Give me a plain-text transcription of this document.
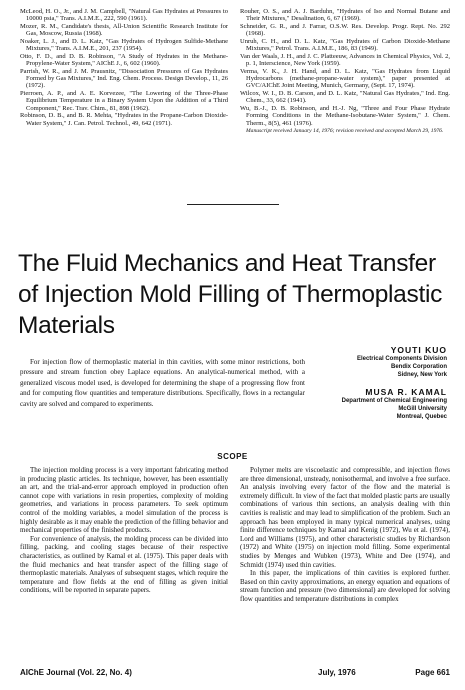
McLeod, H. O., Jr., and J. M. Campbell, "Natural Gas Hydrates at Pressures to 10000 psia," Trans. A.I.M.E., 222, 590 (1961).

Mozer, R. M., Candidate's thesis, All-Union Scientific Research Institute for Gas, Moscow, Russia (1968).

Noaker, L. J., and D. L. Katz, "Gas Hydrates of Hydrogen Sulfide-Methane Mixtures," Trans. A.I.M.E., 201, 237 (1954).

Otto, F. D., and D. B. Robinson, "A Study of Hydrates in the Methane-Propylene-Water System," AIChE J., 6, 602 (1960).

Parrish, W. R., and J. M. Prausnitz, "Dissociation Pressures of Gas Hydrates Formed by Gas Mixtures," Ind. Eng. Chem. Process. Design Develop., 11, 26 (1972).

Pierroen, A. P., and A. E. Korvezee, "The Lowering of the Three-Phase Equilibrium Temperature in a Binary System Upon the Addition of a Third Component," Rec. Trav. Chim., 81, 898 (1962).

Robinson, D. B., and B. R. Mehta, "Hydrates in the Propane-Carbon Dioxide-Water System," J. Can. Petrol. Technol., 49, 642 (1971).

Rouher, O. S., and A. J. Barduhn, "Hydrates of Iso and Normal Butane and Their Mixtures," Desalination, 6, 67 (1969).

Schneider, G. R., and J. Farrar, O.S.W. Res. Develop. Progr. Rept. No. 292 (1968).

Unruh, C. H., and D. L. Katz, "Gas Hydrates of Carbon Dioxide-Methane Mixtures," Petrol. Trans. A.I.M.E., 186, 83 (1949).

Van der Waals, J. H., and J. C. Platteeuw, Advances in Chemical Physics, Vol. 2, p. 1, Interscience, New York (1959).

Verma, V. K., J. H. Hand, and D. L. Katz, "Gas Hydrates from Liquid Hydrocarbons (methane-propane-water system)," paper presented at GVC/AIChE Joint Meeting, Munich, Germany, (Sept. 17, 1974).

Wilcox, W. I., D. B. Carson, and D. L. Katz, "Natural Gas Hydrates," Ind. Eng. Chem., 33, 662 (1941).

Wu, B.-J., D. B. Robinson, and H.-J. Ng, "Three and Four Phase Hydrate Forming Conditions in the Methane-Isobutane-Water System," J. Chem. Therm., 8(5), 461 (1976).

Manuscript received January 14, 1976; revision received and accepted March 29, 1976.

The Fluid Mechanics and Heat Transfer of Injection Mold Filling of Thermoplastic Materials

For injection flow of thermoplastic material in thin cavities, with some minor restrictions, both pressure and stream function obey Laplace equations. An analytical-numerical method, with a generalized viscous model used, is developed for determining the shape of a progressing flow front and for computing flow quantities and temperature distributions. Specifically, flows in a rectangular cavity are solved and compared to experiments.

YOUTI KUO
Electrical Components Division
Bendix Corporation
Sidney, New York
MUSA R. KAMAL
Department of Chemical Engineering
McGill University
Montreal, Quebec
SCOPE

The injection molding process is a very important fabricating method in producing plastic articles. Its technique, however, has been essentially an art, and the trial-and-error approach employed in production often cannot cope with variations in resin properties, complexity of molding geometries, and variations in process parameters. To seek optimum control of the molding variables, a model simulation of the process is highly desirable as it may enable the prediction of the filling behavior and mechanical properties of the finished products.

For convenience of analysis, the molding process can be divided into filling, packing, and cooling stages because of their respective characteristics, as outlined by Kamal et al. (1975). This paper deals with the fluid mechanics and heat transfer aspect of the filling stage of thermoplastic materials. Analyses of subsequent stages, which require the temperature and flow fields at the end of filling as given initial conditions, will be reported in separate papers.

Polymer melts are viscoelastic and compressible, and injection flows are three dimensional, unsteady, nonisothermal, and involve a free surface. An analysis involving every factor of the flow and the material is extremely difficult. In view of the fact that molded plastic parts are usually combinations of various thin sections, an analysis dealing with thin cavities is realistic and may lead to simplification of the problem. Such an approach has been employed in many typical numerical analyses, using finite difference techniques by Kamal and Kenig (1972), Wu et al. (1974), Lord and Williams (1975), and other characteristic studies by Richardson (1972) and White (1975) on injection mold filling. Some experimental studies by Menges and Wubken (1973), White and Dee (1974), and Schmidt (1974) used thin cavities.

In this paper, the implications of thin cavities is explored further. Based on thin cavity approximations, an energy equation and equations of stream function and pressure (two dimensional) are developed for solving flow quantities and temperature distributions in complex

AIChE Journal (Vol. 22, No. 4)	July, 1976	Page 661
